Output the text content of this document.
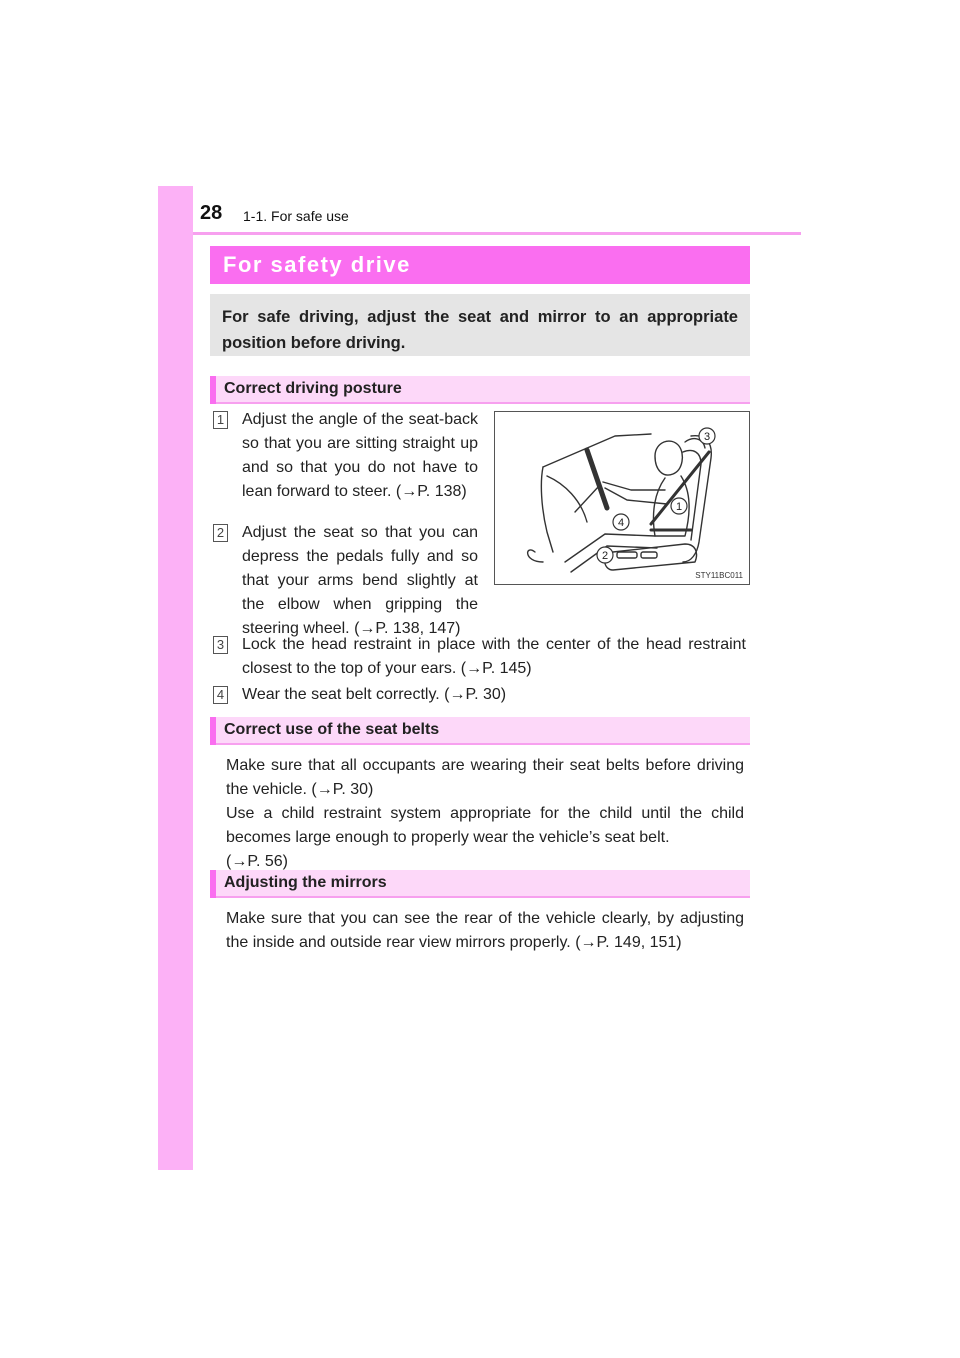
28 1-1. For safe use
For safety drive
For safe driving, adjust the seat and mirror to an appropriate position before driving.
Correct driving posture
1 Adjust the angle of the seat-back so that you are sitting straight up and so that you do not have to lean forward to steer. (→P. 138)
2 Adjust the seat so that you can depress the pedals fully and so that your arms bend slightly at the elbow when gripping the steering wheel. (→P. 138, 147)
3
1
4
2
STY11BC011
3 Lock the head restraint in place with the center of the head restraint closest to the top of your ears. (→P. 145)
4 Wear the seat belt correctly. (→P. 30)
Correct use of the seat belts
Make sure that all occupants are wearing their seat belts before driving the vehicle. (→P. 30)
Use a child restraint system appropriate for the child until the child becomes large enough to properly wear the vehicle’s seat belt.
(→P. 56)
Adjusting the mirrors
Make sure that you can see the rear of the vehicle clearly, by adjusting the inside and outside rear view mirrors properly. (→P. 149, 151)
